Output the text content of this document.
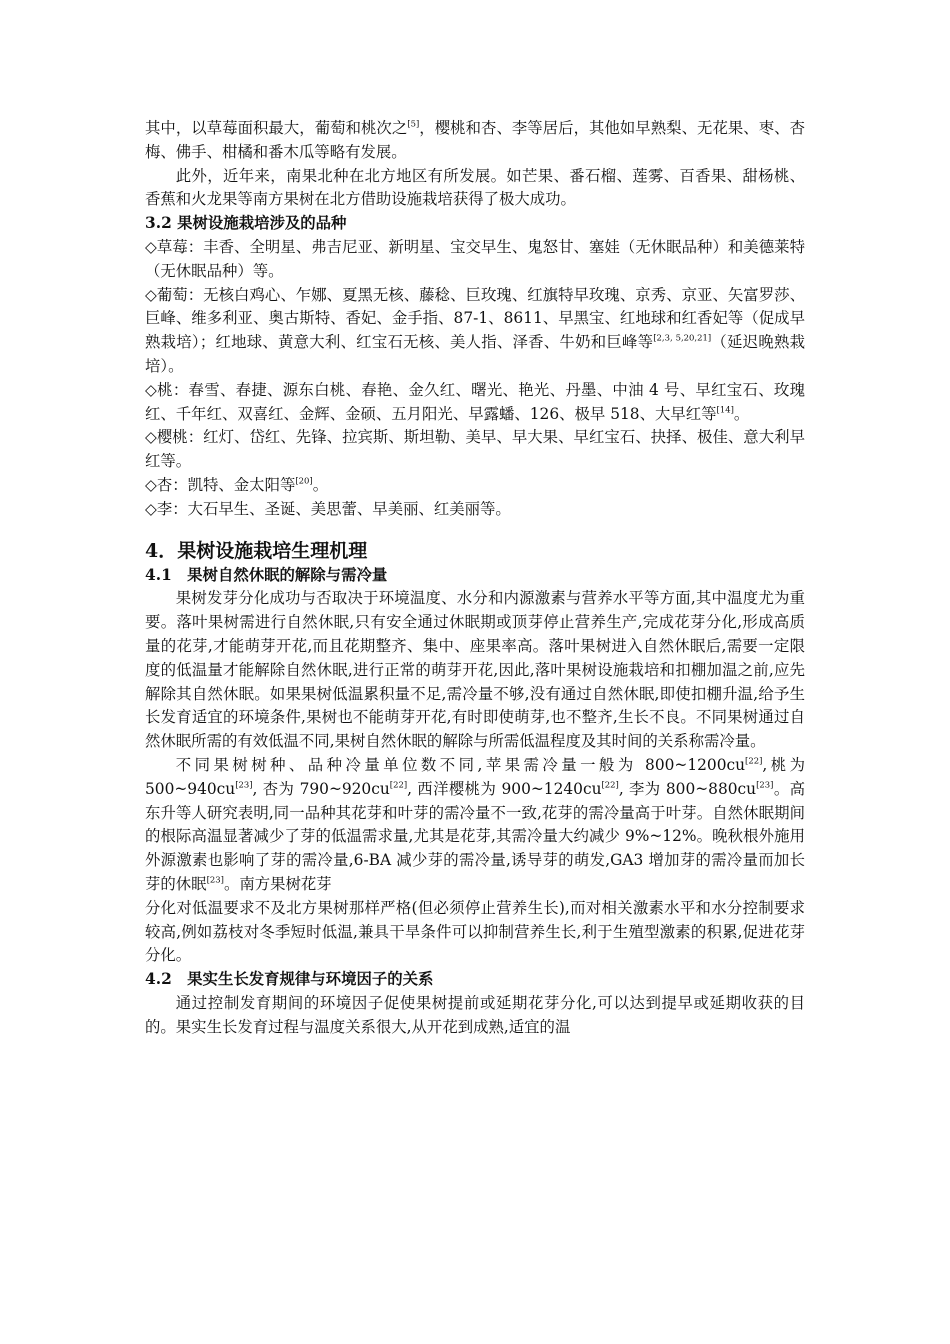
其中，以草莓面积最大，葡萄和桃次之[5]，樱桃和杏、李等居后，其他如早熟梨、无花果、枣、杏梅、佛手、柑橘和番木瓜等略有发展。

此外，近年来，南果北种在北方地区有所发展。如芒果、番石榴、莲雾、百香果、甜杨桃、香蕉和火龙果等南方果树在北方借助设施栽培获得了极大成功。

3.2 果树设施栽培涉及的品种

◇草莓：丰香、全明星、弗吉尼亚、新明星、宝交早生、鬼怒甘、塞娃（无休眠品种）和美德莱特（无休眠品种）等。

◇葡萄：无核白鸡心、乍娜、夏黑无核、藤稔、巨玫瑰、红旗特早玫瑰、京秀、京亚、矢富罗莎、巨峰、维多利亚、奥古斯特、香妃、金手指、87-1、8611、早黑宝、红地球和红香妃等（促成早熟栽培）；红地球、黄意大利、红宝石无核、美人指、泽香、牛奶和巨峰等[2,3, 5,20,21]（延迟晚熟栽培）。

◇桃：春雪、春捷、源东白桃、春艳、金久红、曙光、艳光、丹墨、中油 4 号、早红宝石、玫瑰红、千年红、双喜红、金辉、金硕、五月阳光、早露蟠、126、极早 518、大早红等[14]。

◇樱桃：红灯、岱红、先锋、拉宾斯、斯坦勒、美早、早大果、早红宝石、抉择、极佳、意大利早红等。

◇杏：凯特、金太阳等[20]。

◇李：大石早生、圣诞、美思蕾、早美丽、红美丽等。

4．果树设施栽培生理机理

4.1　果树自然休眠的解除与需冷量

果树发芽分化成功与否取决于环境温度、水分和内源激素与营养水平等方面,其中温度尤为重要。落叶果树需进行自然休眠,只有安全通过休眠期或顶芽停止营养生产,完成花芽分化,形成高质量的花芽,才能萌芽开花,而且花期整齐、集中、座果率高。落叶果树进入自然休眠后,需要一定限度的低温量才能解除自然休眠,进行正常的萌芽开花,因此,落叶果树设施栽培和扣棚加温之前,应先解除其自然休眠。如果果树低温累积量不足,需冷量不够,没有通过自然休眠,即使扣棚升温,给予生长发育适宜的环境条件,果树也不能萌芽开花,有时即使萌芽,也不整齐,生长不良。不同果树通过自然休眠所需的有效低温不同,果树自然休眠的解除与所需低温程度及其时间的关系称需冷量。

不同果树树种、品种冷量单位数不同,苹果需冷量一般为 800~1200cu[22],桃为 500~940cu[23], 杏为 790~920cu[22], 西洋樱桃为 900~1240cu[22], 李为 800~880cu[23]。高东升等人研究表明,同一品种其花芽和叶芽的需冷量不一致,花芽的需冷量高于叶芽。自然休眠期间的根际高温显著减少了芽的低温需求量,尤其是花芽,其需冷量大约减少 9%~12%。晚秋根外施用外源激素也影响了芽的需冷量,6-BA 减少芽的需冷量,诱导芽的萌发,GA3 增加芽的需冷量而加长芽的休眠[23]。南方果树花芽

分化对低温要求不及北方果树那样严格(但必须停止营养生长),而对相关激素水平和水分控制要求较高,例如荔枝对冬季短时低温,兼具干旱条件可以抑制营养生长,利于生殖型激素的积累,促进花芽分化。

4.2　果实生长发育规律与环境因子的关系

通过控制发育期间的环境因子促使果树提前或延期花芽分化,可以达到提早或延期收获的目的。果实生长发育过程与温度关系很大,从开花到成熟,适宜的温
